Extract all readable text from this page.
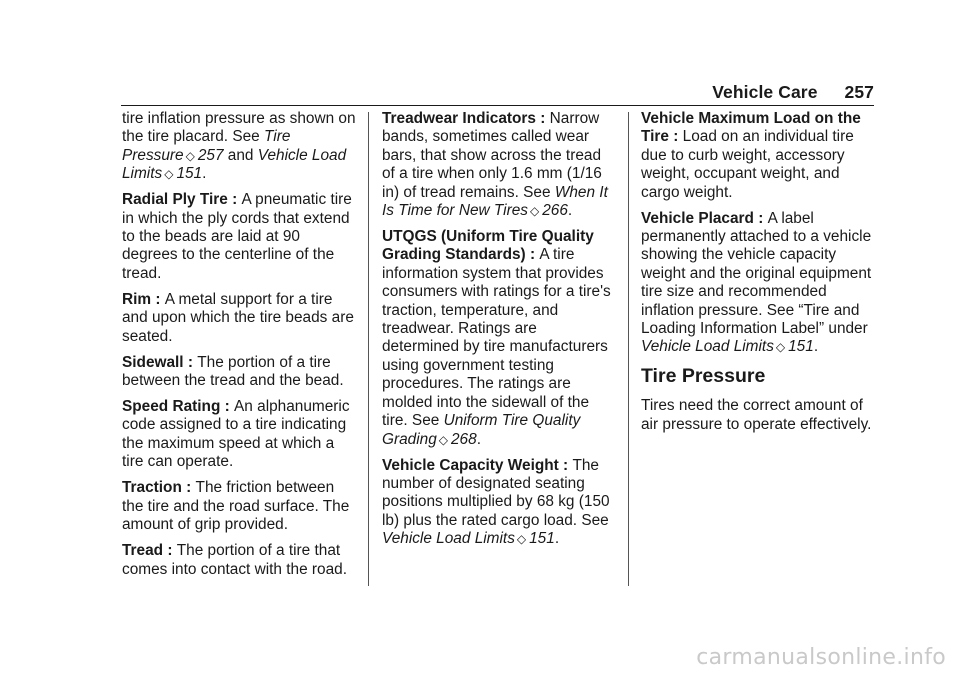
Vehicle Care 257

tire inflation pressure as shown on the tire placard. See Tire Pressure ◇ 257 and Vehicle Load Limits ◇ 151.

Radial Ply Tire : A pneumatic tire in which the ply cords that extend to the beads are laid at 90 degrees to the centerline of the tread.

Rim : A metal support for a tire and upon which the tire beads are seated.

Sidewall : The portion of a tire between the tread and the bead.

Speed Rating : An alphanumeric code assigned to a tire indicating the maximum speed at which a tire can operate.

Traction : The friction between the tire and the road surface. The amount of grip provided.

Tread : The portion of a tire that comes into contact with the road.

Treadwear Indicators : Narrow bands, sometimes called wear bars, that show across the tread of a tire when only 1.6 mm (1/16 in) of tread remains. See When It Is Time for New Tires ◇ 266.

UTQGS (Uniform Tire Quality Grading Standards) : A tire information system that provides consumers with ratings for a tire's traction, temperature, and treadwear. Ratings are determined by tire manufacturers using government testing procedures. The ratings are molded into the sidewall of the tire. See Uniform Tire Quality Grading ◇ 268.

Vehicle Capacity Weight : The number of designated seating positions multiplied by 68 kg (150 lb) plus the rated cargo load. See Vehicle Load Limits ◇ 151.

Vehicle Maximum Load on the Tire : Load on an individual tire due to curb weight, accessory weight, occupant weight, and cargo weight.

Vehicle Placard : A label permanently attached to a vehicle showing the vehicle capacity weight and the original equipment tire size and recommended inflation pressure. See “Tire and Loading Information Label” under Vehicle Load Limits ◇ 151.

Tire Pressure

Tires need the correct amount of air pressure to operate effectively.

carmanualsonline.info
